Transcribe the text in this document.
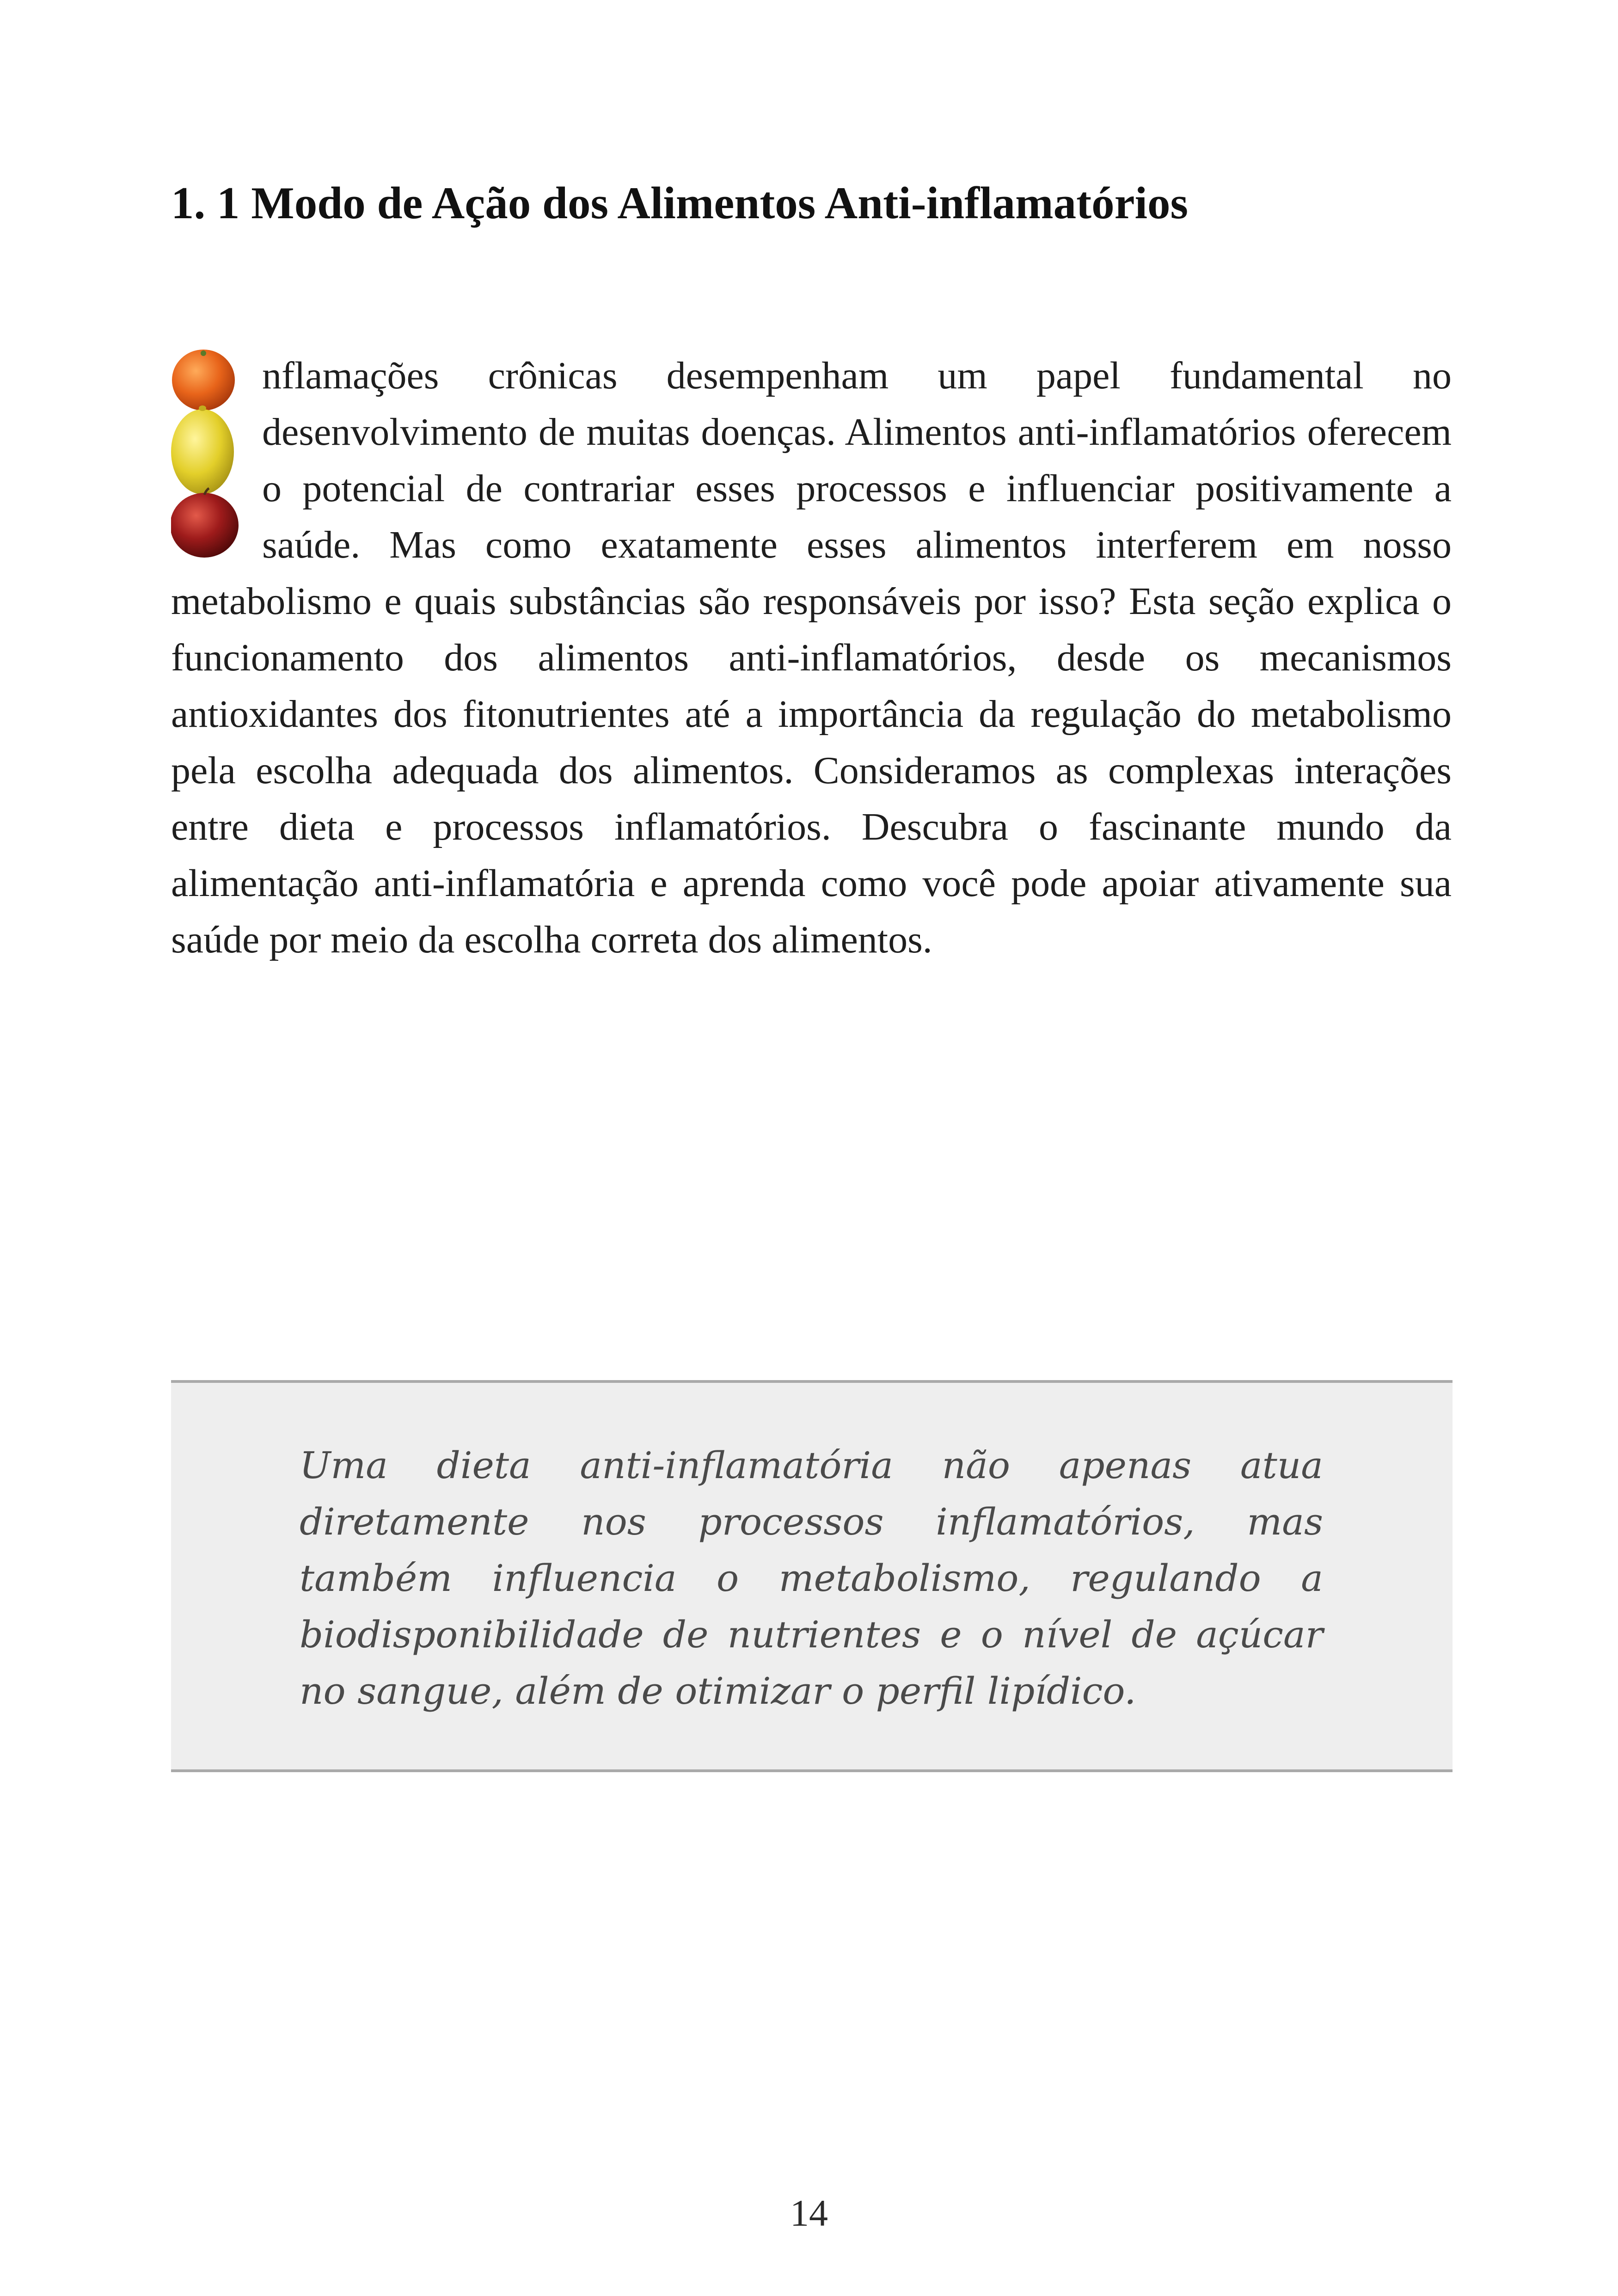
1. 1 Modo de Ação dos Alimentos Anti-inflamatórios

nflamações crônicas desempenham um papel fundamental no desenvolvimento de muitas doenças. Alimentos anti-inflamatórios oferecem o potencial de contrariar esses processos e influenciar positivamente a saúde. Mas como exatamente esses alimentos interferem em nosso metabolismo e quais substâncias são responsáveis por isso? Esta seção explica o funcionamento dos alimentos anti-inflamatórios, desde os mecanismos antioxidantes dos fitonutrientes até a importância da regulação do metabolismo pela escolha adequada dos alimentos. Consideramos as complexas interações entre dieta e processos inflamatórios. Descubra o fascinante mundo da alimentação anti-inflamatória e aprenda como você pode apoiar ativamente sua saúde por meio da escolha correta dos alimentos.

Uma dieta anti-inflamatória não apenas atua diretamente nos processos inflamatórios, mas também influencia o metabolismo, regulando a biodisponibilidade de nutrientes e o nível de açúcar no sangue, além de otimizar o perfil lipídico.

14
